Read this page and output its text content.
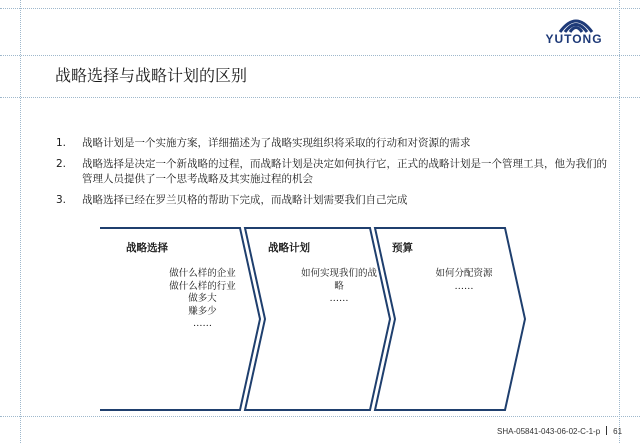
YUTONG
战略选择与战略计划的区别
1. 战略计划是一个实施方案，详细描述为了战略实现组织将采取的行动和对资源的需求
2. 战略选择是决定一个新战略的过程，而战略计划是决定如何执行它，正式的战略计划是一个管理工具，他为我们的管理人员提供了一个思考战略及其实施过程的机会
3. 战略选择已经在罗兰贝格的帮助下完成，而战略计划需要我们自己完成
战略选择
做什么样的企业
做什么样的行业
做多大
赚多少
……
战略计划
如何实现我们的战
略
……
预算
如何分配资源
……
SHA-05841-043-06-02-C-1-p 61
